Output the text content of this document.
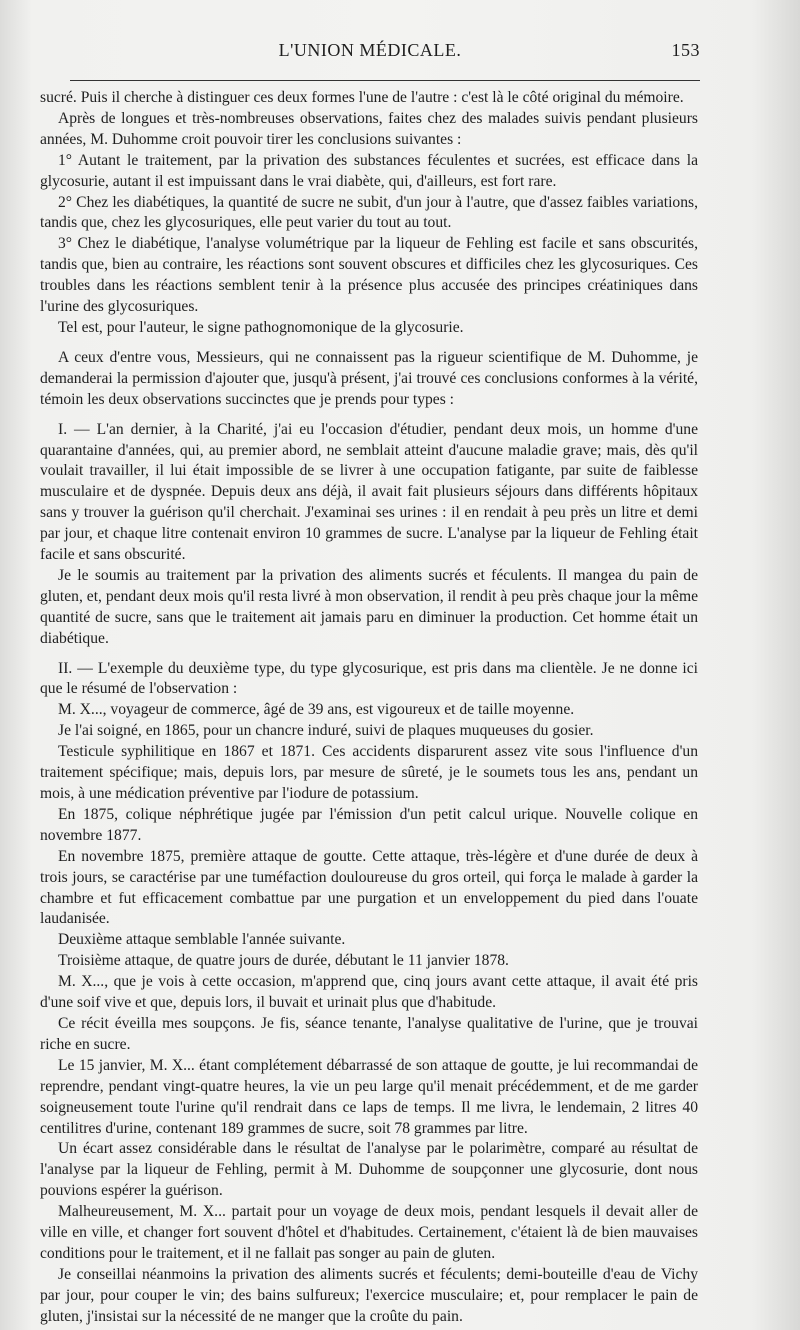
L'UNION MÉDICALE.	153

sucré. Puis il cherche à distinguer ces deux formes l'une de l'autre : c'est là le côté original du mémoire.

Après de longues et très-nombreuses observations, faites chez des malades suivis pendant plusieurs années, M. Duhomme croit pouvoir tirer les conclusions suivantes :

1° Autant le traitement, par la privation des substances féculentes et sucrées, est efficace dans la glycosurie, autant il est impuissant dans le vrai diabète, qui, d'ailleurs, est fort rare.

2° Chez les diabétiques, la quantité de sucre ne subit, d'un jour à l'autre, que d'assez faibles variations, tandis que, chez les glycosuriques, elle peut varier du tout au tout.

3° Chez le diabétique, l'analyse volumétrique par la liqueur de Fehling est facile et sans obscurités, tandis que, bien au contraire, les réactions sont souvent obscures et difficiles chez les glycosuriques. Ces troubles dans les réactions semblent tenir à la présence plus accusée des principes créatiniques dans l'urine des glycosuriques.

Tel est, pour l'auteur, le signe pathognomonique de la glycosurie.

A ceux d'entre vous, Messieurs, qui ne connaissent pas la rigueur scientifique de M. Duhomme, je demanderai la permission d'ajouter que, jusqu'à présent, j'ai trouvé ces conclusions conformes à la vérité, témoin les deux observations succinctes que je prends pour types :

I. — L'an dernier, à la Charité, j'ai eu l'occasion d'étudier, pendant deux mois, un homme d'une quarantaine d'années, qui, au premier abord, ne semblait atteint d'aucune maladie grave; mais, dès qu'il voulait travailler, il lui était impossible de se livrer à une occupation fatigante, par suite de faiblesse musculaire et de dyspnée. Depuis deux ans déjà, il avait fait plusieurs séjours dans différents hôpitaux sans y trouver la guérison qu'il cherchait. J'examinai ses urines : il en rendait à peu près un litre et demi par jour, et chaque litre contenait environ 10 grammes de sucre. L'analyse par la liqueur de Fehling était facile et sans obscurité.

Je le soumis au traitement par la privation des aliments sucrés et féculents. Il mangea du pain de gluten, et, pendant deux mois qu'il resta livré à mon observation, il rendit à peu près chaque jour la même quantité de sucre, sans que le traitement ait jamais paru en diminuer la production. Cet homme était un diabétique.

II. — L'exemple du deuxième type, du type glycosurique, est pris dans ma clientèle. Je ne donne ici que le résumé de l'observation :

M. X..., voyageur de commerce, âgé de 39 ans, est vigoureux et de taille moyenne.

Je l'ai soigné, en 1865, pour un chancre induré, suivi de plaques muqueuses du gosier.

Testicule syphilitique en 1867 et 1871. Ces accidents disparurent assez vite sous l'influence d'un traitement spécifique; mais, depuis lors, par mesure de sûreté, je le soumets tous les ans, pendant un mois, à une médication préventive par l'iodure de potassium.

En 1875, colique néphrétique jugée par l'émission d'un petit calcul urique. Nouvelle colique en novembre 1877.

En novembre 1875, première attaque de goutte. Cette attaque, très-légère et d'une durée de deux à trois jours, se caractérise par une tuméfaction douloureuse du gros orteil, qui força le malade à garder la chambre et fut efficacement combattue par une purgation et un enveloppement du pied dans l'ouate laudanisée.

Deuxième attaque semblable l'année suivante.

Troisième attaque, de quatre jours de durée, débutant le 11 janvier 1878.

M. X..., que je vois à cette occasion, m'apprend que, cinq jours avant cette attaque, il avait été pris d'une soif vive et que, depuis lors, il buvait et urinait plus que d'habitude.

Ce récit éveilla mes soupçons. Je fis, séance tenante, l'analyse qualitative de l'urine, que je trouvai riche en sucre.

Le 15 janvier, M. X... étant complétement débarrassé de son attaque de goutte, je lui recommandai de reprendre, pendant vingt-quatre heures, la vie un peu large qu'il menait précédemment, et de me garder soigneusement toute l'urine qu'il rendrait dans ce laps de temps. Il me livra, le lendemain, 2 litres 40 centilitres d'urine, contenant 189 grammes de sucre, soit 78 grammes par litre.

Un écart assez considérable dans le résultat de l'analyse par le polarimètre, comparé au résultat de l'analyse par la liqueur de Fehling, permit à M. Duhomme de soupçonner une glycosurie, dont nous pouvions espérer la guérison.

Malheureusement, M. X... partait pour un voyage de deux mois, pendant lesquels il devait aller de ville en ville, et changer fort souvent d'hôtel et d'habitudes. Certainement, c'étaient là de bien mauvaises conditions pour le traitement, et il ne fallait pas songer au pain de gluten.

Je conseillai néanmoins la privation des aliments sucrés et féculents; demi-bouteille d'eau de Vichy par jour, pour couper le vin; des bains sulfureux; l'exercice musculaire; et, pour remplacer le pain de gluten, j'insistai sur la nécessité de ne manger que la croûte du pain.
